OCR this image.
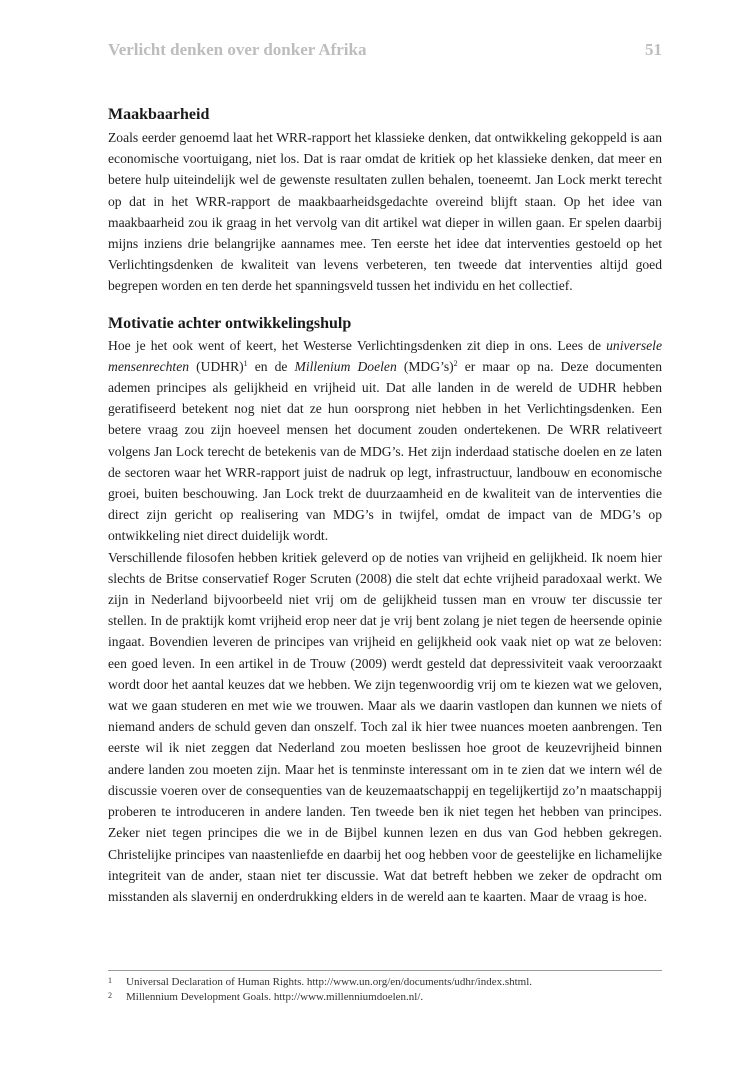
Verlicht denken over donker Afrika	51
Maakbaarheid

Zoals eerder genoemd laat het WRR-rapport het klassieke denken, dat ontwikkeling gekoppeld is aan economische voortuigang, niet los. Dat is raar omdat de kritiek op het klassieke denken, dat meer en betere hulp uiteindelijk wel de gewenste resultaten zullen behalen, toeneemt. Jan Lock merkt terecht op dat in het WRR-rapport de maakbaarheidsgedachte overeind blijft staan. Op het idee van maakbaarheid zou ik graag in het vervolg van dit artikel wat dieper in willen gaan. Er spelen daarbij mijns inziens drie belangrijke aannames mee. Ten eerste het idee dat interventies gestoeld op het Verlichtingsdenken de kwaliteit van levens verbeteren, ten tweede dat interventies altijd goed begrepen worden en ten derde het spanningsveld tussen het individu en het collectief.

Motivatie achter ontwikkelingshulp

Hoe je het ook went of keert, het Westerse Verlichtingsdenken zit diep in ons. Lees de universele mensenrechten (UDHR)$^1$ en de Millenium Doelen (MDG’s)$^2$ er maar op na. Deze documenten ademen principes als gelijkheid en vrijheid uit. Dat alle landen in de wereld de UDHR hebben geratifiseerd betekent nog niet dat ze hun oorsprong niet hebben in het Verlichtingsdenken. Een betere vraag zou zijn hoeveel mensen het document zouden ondertekenen. De WRR relativeert volgens Jan Lock terecht de betekenis van de MDG’s. Het zijn inderdaad statische doelen en ze laten de sectoren waar het WRR-rapport juist de nadruk op legt, infrastructuur, landbouw en economische groei, buiten beschouwing. Jan Lock trekt de duurzaamheid en de kwaliteit van de interventies die direct zijn gericht op realisering van MDG’s in twijfel, omdat de impact van de MDG’s op ontwikkeling niet direct duidelijk wordt.

Verschillende filosofen hebben kritiek geleverd op de noties van vrijheid en gelijkheid. Ik noem hier slechts de Britse conservatief Roger Scruten (2008) die stelt dat echte vrijheid paradoxaal werkt. We zijn in Nederland bijvoorbeeld niet vrij om de gelijkheid tussen man en vrouw ter discussie ter stellen. In de praktijk komt vrijheid erop neer dat je vrij bent zolang je niet tegen de heersende opinie ingaat. Bovendien leveren de principes van vrijheid en gelijkheid ook vaak niet op wat ze beloven: een goed leven. In een artikel in de Trouw (2009) werdt gesteld dat depressiviteit vaak veroorzaakt wordt door het aantal keuzes dat we hebben. We zijn tegenwoordig vrij om te kiezen wat we geloven, wat we gaan studeren en met wie we trouwen. Maar als we daarin vastlopen dan kunnen we niets of niemand anders de schuld geven dan onszelf. Toch zal ik hier twee nuances moeten aanbrengen. Ten eerste wil ik niet zeggen dat Nederland zou moeten beslissen hoe groot de keuzevrijheid binnen andere landen zou moeten zijn. Maar het is tenminste interessant om in te zien dat we intern wél de discussie voeren over de consequenties van de keuzemaatschappij en tegelijkertijd zo’n maatschappij proberen te introduceren in andere landen. Ten tweede ben ik niet tegen het hebben van principes. Zeker niet tegen principes die we in de Bijbel kunnen lezen en dus van God hebben gekregen. Christelijke principes van naastenliefde en daarbij het oog hebben voor de geestelijke en lichamelijke integriteit van de ander, staan niet ter discussie. Wat dat betreft hebben we zeker de opdracht om misstanden als slavernij en onderdrukking elders in de wereld aan te kaarten. Maar de vraag is hoe.

1 Universal Declaration of Human Rights. http://www.un.org/en/documents/udhr/index.shtml.
2 Millennium Development Goals. http://www.millenniumdoelen.nl/.
